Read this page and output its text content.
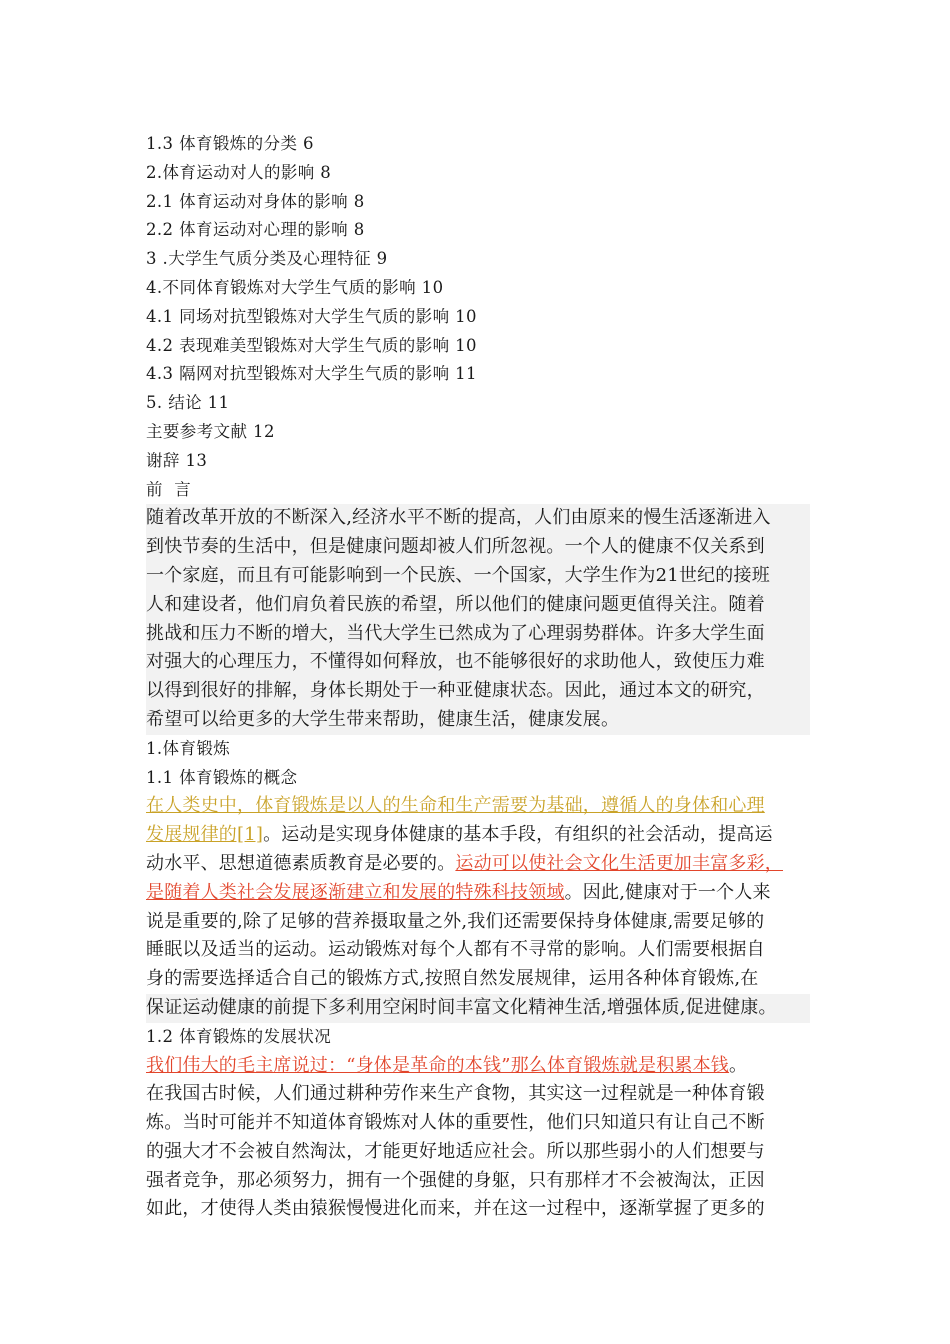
1.3 体育锻炼的分类 6
2.体育运动对人的影响 8
2.1 体育运动对身体的影响 8
2.2 体育运动对心理的影响 8
3 .大学生气质分类及心理特征 9
4.不同体育锻炼对大学生气质的影响 10
4.1 同场对抗型锻炼对大学生气质的影响 10
4.2 表现难美型锻炼对大学生气质的影响 10
4.3 隔网对抗型锻炼对大学生气质的影响 11
5. 结论 11
主要参考文献 12
谢辞 13
前  言
随着改革开放的不断深入,经济水平不断的提高，人们由原来的慢生活逐渐进入
到快节奏的生活中，但是健康问题却被人们所忽视。一个人的健康不仅关系到
一个家庭，而且有可能影响到一个民族、一个国家，大学生作为21世纪的接班
人和建设者，他们肩负着民族的希望，所以他们的健康问题更值得关注。随着
挑战和压力不断的增大，当代大学生已然成为了心理弱势群体。许多大学生面
对强大的心理压力，不懂得如何释放，也不能够很好的求助他人，致使压力难
以得到很好的排解，身体长期处于一种亚健康状态。因此，通过本文的研究，
希望可以给更多的大学生带来帮助，健康生活，健康发展。
1.体育锻炼
1.1 体育锻炼的概念
在人类史中，体育锻炼是以人的生命和生产需要为基础，遵循人的身体和心理
发展规律的[1]。运动是实现身体健康的基本手段，有组织的社会活动，提高运
动水平、思想道德素质教育是必要的。运动可以使社会文化生活更加丰富多彩，
是随着人类社会发展逐渐建立和发展的特殊科技领域。因此,健康对于一个人来
说是重要的,除了足够的营养摄取量之外,我们还需要保持身体健康,需要足够的
睡眠以及适当的运动。运动锻炼对每个人都有不寻常的影响。人们需要根据自
身的需要选择适合自己的锻炼方式,按照自然发展规律，运用各种体育锻炼,在
保证运动健康的前提下多利用空闲时间丰富文化精神生活,增强体质,促进健康。
1.2 体育锻炼的发展状况
我们伟大的毛主席说过：“身体是革命的本钱”那么体育锻炼就是积累本钱。
在我国古时候，人们通过耕种劳作来生产食物，其实这一过程就是一种体育锻
炼。当时可能并不知道体育锻炼对人体的重要性，他们只知道只有让自己不断
的强大才不会被自然淘汰，才能更好地适应社会。所以那些弱小的人们想要与
强者竞争，那必须努力，拥有一个强健的身躯，只有那样才不会被淘汰，正因
如此，才使得人类由猿猴慢慢进化而来，并在这一过程中，逐渐掌握了更多的
